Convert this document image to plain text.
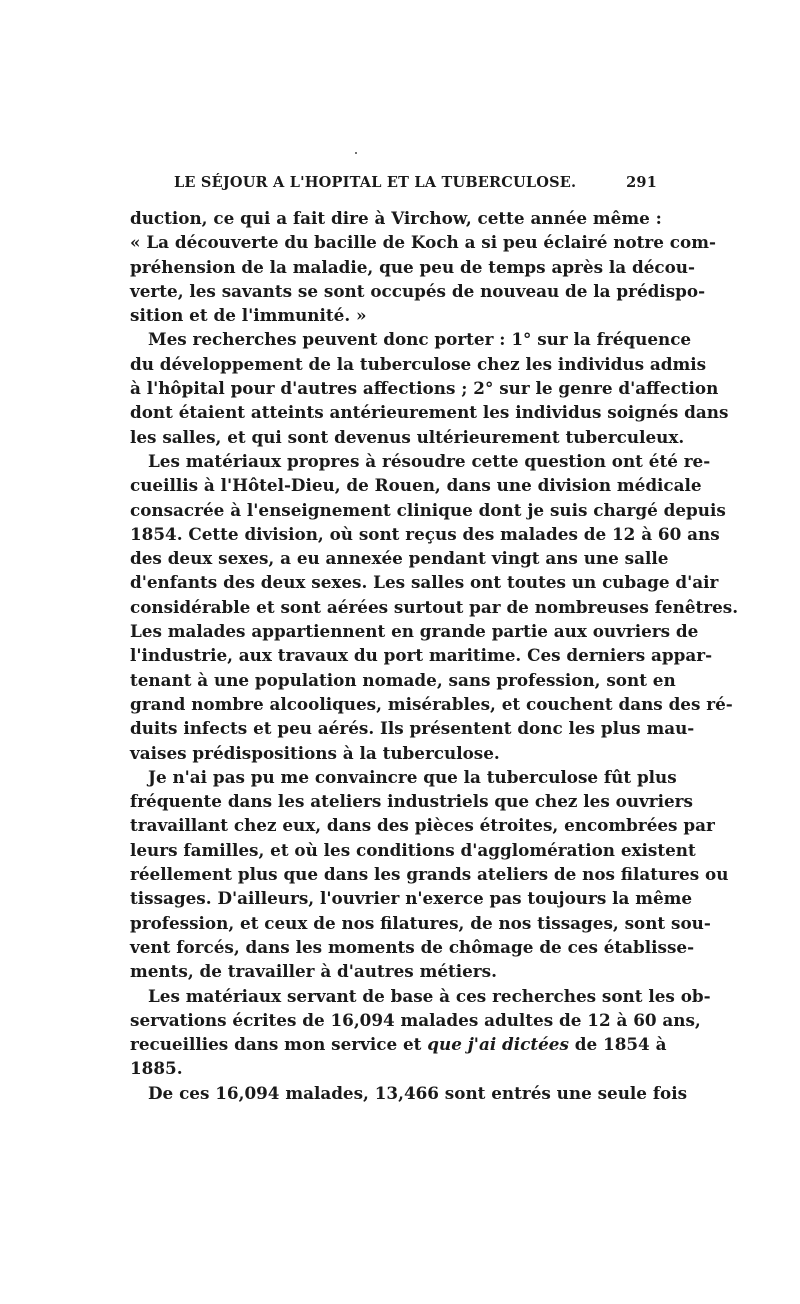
LE SÉJOUR A L'HOPITAL ET LA TUBERCULOSE.	291
duction, ce qui a fait dire à Virchow, cette année même :
« La découverte du bacille de Koch a si peu éclairé notre com-
préhension de la maladie, que peu de temps après la décou-
verte, les savants se sont occupés de nouveau de la prédispo-
sition et de l'immunité. »
Mes recherches peuvent donc porter : 1° sur la fréquence
du développement de la tuberculose chez les individus admis
à l'hôpital pour d'autres affections ; 2° sur le genre d'affection
dont étaient atteints antérieurement les individus soignés dans
les salles, et qui sont devenus ultérieurement tuberculeux.
Les matériaux propres à résoudre cette question ont été re-
cueillis à l'Hôtel-Dieu, de Rouen, dans une division médicale
consacrée à l'enseignement clinique dont je suis chargé depuis
1854. Cette division, où sont reçus des malades de 12 à 60 ans
des deux sexes, a eu annexée pendant vingt ans une salle
d'enfants des deux sexes. Les salles ont toutes un cubage d'air
considérable et sont aérées surtout par de nombreuses fenêtres.
Les malades appartiennent en grande partie aux ouvriers de
l'industrie, aux travaux du port maritime. Ces derniers appar-
tenant à une population nomade, sans profession, sont en
grand nombre alcooliques, misérables, et couchent dans des ré-
duits infects et peu aérés. Ils présentent donc les plus mau-
vaises prédispositions à la tuberculose.
Je n'ai pas pu me convaincre que la tuberculose fût plus
fréquente dans les ateliers industriels que chez les ouvriers
travaillant chez eux, dans des pièces étroites, encombrées par
leurs familles, et où les conditions d'agglomération existent
réellement plus que dans les grands ateliers de nos filatures ou
tissages. D'ailleurs, l'ouvrier n'exerce pas toujours la même
profession, et ceux de nos filatures, de nos tissages, sont sou-
vent forcés, dans les moments de chômage de ces établisse-
ments, de travailler à d'autres métiers.
Les matériaux servant de base à ces recherches sont les ob-
servations écrites de 16,094 malades adultes de 12 à 60 ans,
recueillies dans mon service et que j'ai dictées de 1854 à
1885.
De ces 16,094 malades, 13,466 sont entrés une seule fois
